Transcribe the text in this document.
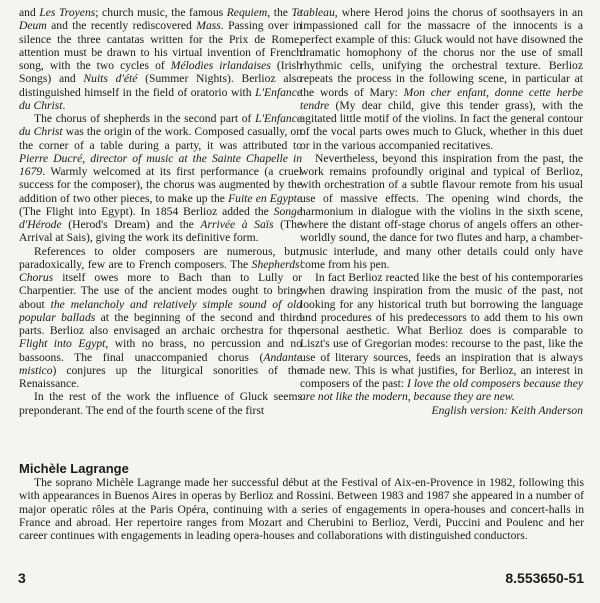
and Les Troyens; church music, the famous Requiem, the Te Deum and the recently rediscovered Mass. Passing over in silence the three cantatas written for the Prix de Rome, attention must be drawn to his virtual invention of French song, with the two cycles of Mélodies irlandaises (Irish Songs) and Nuits d'été (Summer Nights). Berlioz also distinguished himself in the field of oratorio with L'Enfance du Christ.

The chorus of shepherds in the second part of L'Enfance du Christ was the origin of the work. Composed casually, on the corner of a table during a party, it was attributed to Pierre Ducré, director of music at the Sainte Chapelle in 1679. Warmly welcomed at its first performance (a cruel success for the composer), the chorus was augmented by the addition of two other pieces, to make up the Fuite en Egypte (The Flight into Egypt). In 1854 Berlioz added the Songe d'Hérode (Herod's Dream) and the Arrivée à Saïs (The Arrival at Sais), giving the work its definitive form.

References to older composers are numerous, but, paradoxically, few are to French composers. The Shepherds' Chorus itself owes more to Bach than to Lully or Charpentier. The use of the ancient modes ought to bring about the melancholy and relatively simple sound of old popular ballads at the beginning of the second and third parts. Berlioz also envisaged an archaic orchestra for the Flight into Egypt, with no brass, no percussion and no bassoons. The final unaccompanied chorus (Andante mistico) conjures up the liturgical sonorities of the Renaissance.

In the rest of the work the influence of Gluck seems preponderant. The end of the fourth scene of the first

tableau, where Herod joins the chorus of soothsayers in an impassioned call for the massacre of the innocents is a perfect example of this: Gluck would not have disowned the dramatic homophony of the chorus nor the use of small rhythmic cells, unifying the orchestral texture. Berlioz repeats the process in the following scene, in particular at the words of Mary: Mon cher enfant, donne cette herbe tendre (My dear child, give this tender grass), with the agitated little motif of the violins. In fact the general contour of the vocal parts owes much to Gluck, whether in this duet or in the various accompanied recitatives.

Nevertheless, beyond this inspiration from the past, the work remains profoundly original and typical of Berlioz, with orchestration of a subtle flavour remote from his usual use of massive effects. The opening wind chords, the harmonium in dialogue with the violins in the sixth scene, where the distant off-stage chorus of angels offers an other-worldly sound, the dance for two flutes and harp, a chamber-music interlude, and many other details could only have come from his pen.

In fact Berlioz reacted like the best of his contemporaries when drawing inspiration from the music of the past, not looking for any historical truth but borrowing the language and procedures of his predecessors to add them to his own personal aesthetic. What Berlioz does is comparable to Liszt's use of Gregorian modes: recourse to the past, like the use of literary sources, feeds an inspiration that is always made new. This is what justifies, for Berlioz, an interest in composers of the past: I love the old composers because they are not like the modern, because they are new.

English version: Keith Anderson

Michèle Lagrange

The soprano Michèle Lagrange made her successful début at the Festival of Aix-en-Provence in 1982, following this with appearances in Buenos Aires in operas by Berlioz and Rossini. Between 1983 and 1987 she appeared in a number of major operatic rôles at the Paris Opéra, continuing with a series of engagements in opera-houses and concert-halls in France and abroad. Her repertoire ranges from Mozart and Cherubini to Berlioz, Verdi, Puccini and Poulenc and her career continues with engagements in leading opera-houses and collaborations with distinguished conductors.

3	8.553650-51
